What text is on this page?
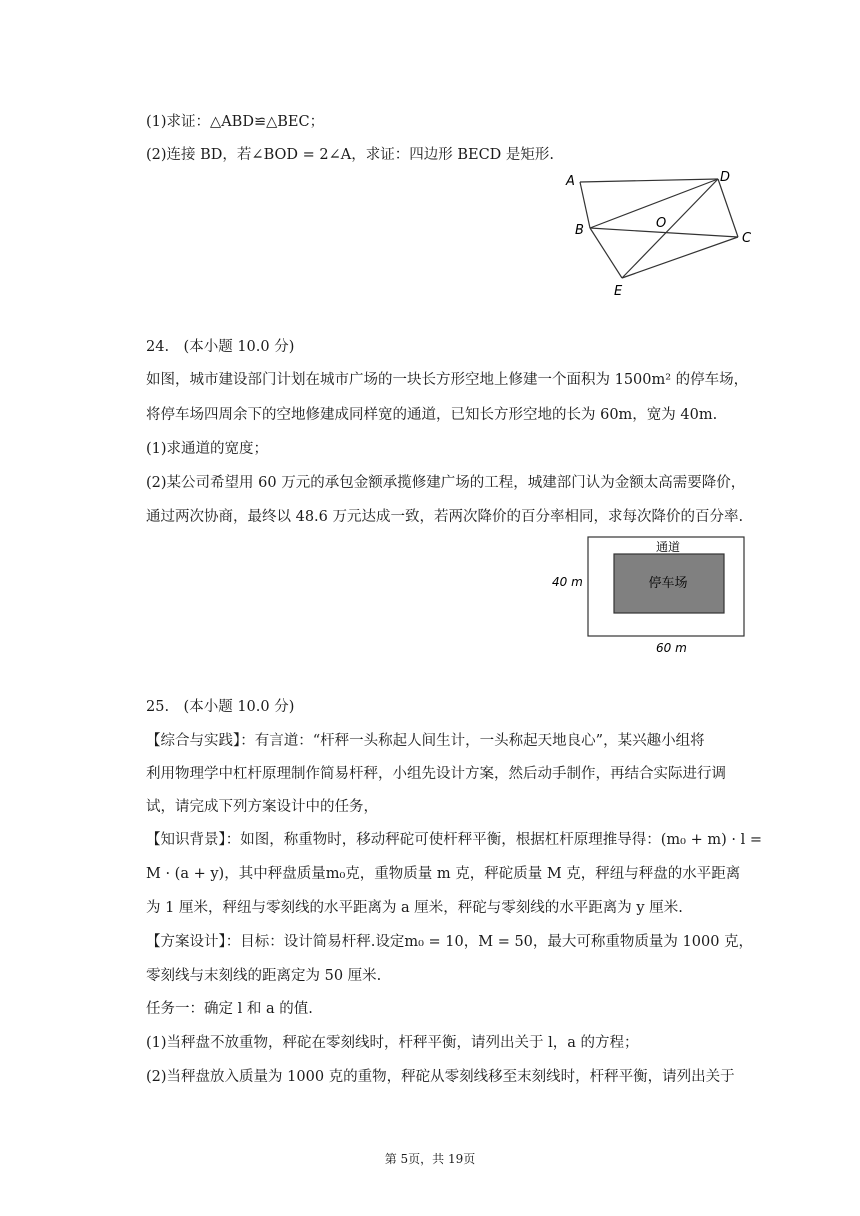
(1)求证：△ABD≌△BEC；
(2)连接 BD，若∠BOD = 2∠A，求证：四边形 BECD 是矩形.
A	D
B
C
E
O
24.　(本小题 10.0 分)
如图，城市建设部门计划在城市广场的一块长方形空地上修建一个面积为 1500m² 的停车场，
将停车场四周余下的空地修建成同样宽的通道，已知长方形空地的长为 60m，宽为 40m.
(1)求通道的宽度；
(2)某公司希望用 60 万元的承包金额承揽修建广场的工程，城建部门认为金额太高需要降价，
通过两次协商，最终以 48.6 万元达成一致，若两次降价的百分率相同，求每次降价的百分率.
通道
停车场
40 m
60 m
25.　(本小题 10.0 分)
【综合与实践】：有言道：“杆秤一头称起人间生计，一头称起天地良心”，某兴趣小组将
利用物理学中杠杆原理制作简易杆秤，小组先设计方案，然后动手制作，再结合实际进行调
试，请完成下列方案设计中的任务，
【知识背景】：如图，称重物时，移动秤砣可使杆秤平衡，根据杠杆原理推导得：(m₀ + m) · l =
M · (a + y)，其中秤盘质量m₀克，重物质量 m 克，秤砣质量 M 克，秤纽与秤盘的水平距离
为 1 厘米，秤纽与零刻线的水平距离为 a 厘米，秤砣与零刻线的水平距离为 y 厘米.
【方案设计】：目标：设计简易杆秤.设定m₀ = 10，M = 50，最大可称重物质量为 1000 克，
零刻线与末刻线的距离定为 50 厘米.
任务一：确定 l 和 a 的值.
(1)当秤盘不放重物，秤砣在零刻线时，杆秤平衡，请列出关于 l，a 的方程；
(2)当秤盘放入质量为 1000 克的重物，秤砣从零刻线移至末刻线时，杆秤平衡，请列出关于
第 5页，共 19页
